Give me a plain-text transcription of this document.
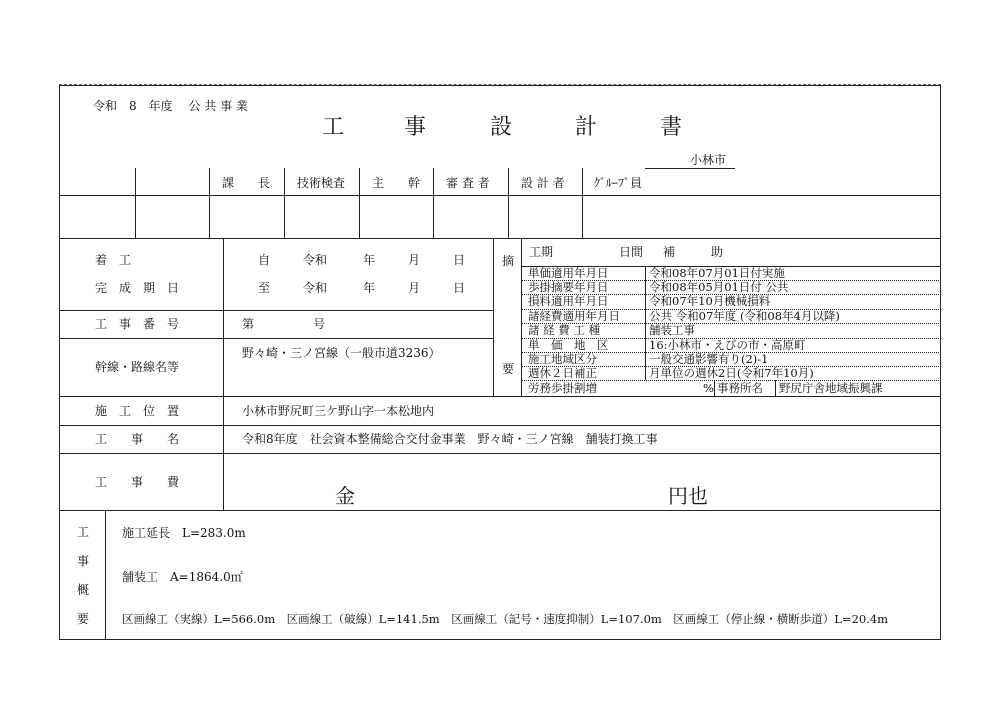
令和　8　年度　 公 共 事 業
工	事	設	計	書
小林市
課　　長 技術検査 主　　幹 審 査 者	設 計 者 ｸﾞﾙｰﾌﾟ員
着　工
完　成　期　日
自	令和	年	月	日
至	令和	年	月	日
工　事　番　号	第	号
幹線・路線名等
野々崎・三ノ宮線（一般市道3236）
摘
要
工期	日間 補　　　助
単価適用年月日	令和08年07月01日付実施
歩掛摘要年月日	令和08年05月01日付 公共
損料適用年月日	令和07年10月機械損料
諸経費適用年月日	公共 令和07年度 (令和08年4月以降)
諸 経 費 工 種	舗装工事
単　価　地　区	16:小林市・えびの市・高原町
施工地域区分	一般交通影響有り(2)-1
週休２日補正	月単位の週休2日(令和7年10月)
労務歩掛割増	% 事務所名 野尻庁舎地域振興課
施　工　位　置	小林市野尻町三ケ野山字一本松地内
工　　事　　名	令和8年度　社会資本整備総合交付金事業　野々崎・三ノ宮線　舗装打換工事
工　　事　　費
金	円也
工
事
概
要
施工延長　L=283.0m
舗装工　A=1864.0㎡
区画線工（実線）L=566.0m　区画線工（破線）L=141.5m　区画線工（記号・速度抑制）L=107.0m　区画線工（停止線・横断歩道）L=20.4m
